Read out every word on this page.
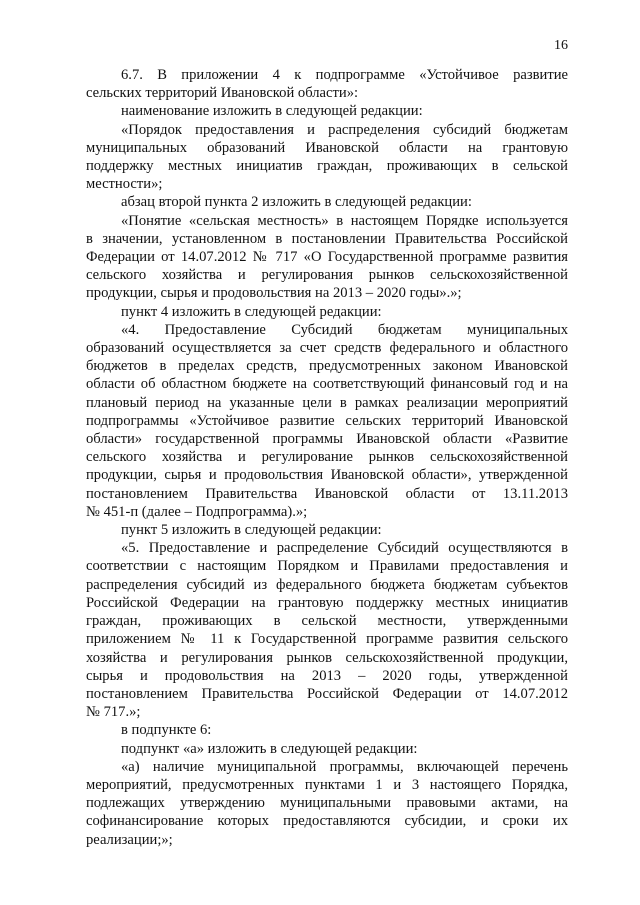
16
6.7. В приложении 4 к подпрограмме «Устойчивое развитие
сельских территорий Ивановской области»:
наименование изложить в следующей редакции:
«Порядок предоставления и распределения субсидий бюджетам
муниципальных образований Ивановской области на грантовую
поддержку местных инициатив граждан, проживающих в сельской
местности»;
абзац второй пункта 2 изложить в следующей редакции:
«Понятие «сельская местность» в настоящем Порядке используется
в значении, установленном в постановлении Правительства Российской
Федерации от 14.07.2012 № 717 «О Государственной программе развития
сельского хозяйства и регулирования рынков сельскохозяйственной
продукции, сырья и продовольствия на 2013 – 2020 годы».»;
пункт 4 изложить в следующей редакции:
«4. Предоставление Субсидий бюджетам муниципальных
образований осуществляется за счет средств федерального и областного
бюджетов в пределах средств, предусмотренных законом Ивановской
области об областном бюджете на соответствующий финансовый год и на
плановый период на указанные цели в рамках реализации мероприятий
подпрограммы «Устойчивое развитие сельских территорий Ивановской
области» государственной программы Ивановской области «Развитие
сельского хозяйства и регулирование рынков сельскохозяйственной
продукции, сырья и продовольствия Ивановской области», утвержденной
постановлением Правительства Ивановской области от 13.11.2013
№ 451-п (далее – Подпрограмма).»;
пункт 5 изложить в следующей редакции:
«5. Предоставление и распределение Субсидий осуществляются в
соответствии с настоящим Порядком и Правилами предоставления и
распределения субсидий из федерального бюджета бюджетам субъектов
Российской Федерации на грантовую поддержку местных инициатив
граждан, проживающих в сельской местности, утвержденными
приложением № 11 к Государственной программе развития сельского
хозяйства и регулирования рынков сельскохозяйственной продукции,
сырья и продовольствия на 2013 – 2020 годы, утвержденной
постановлением Правительства Российской Федерации от 14.07.2012
№ 717.»;
в подпункте 6:
подпункт «а» изложить в следующей редакции:
«а) наличие муниципальной программы, включающей перечень
мероприятий, предусмотренных пунктами 1 и 3 настоящего Порядка,
подлежащих утверждению муниципальными правовыми актами, на
софинансирование которых предоставляются субсидии, и сроки их
реализации;»;
